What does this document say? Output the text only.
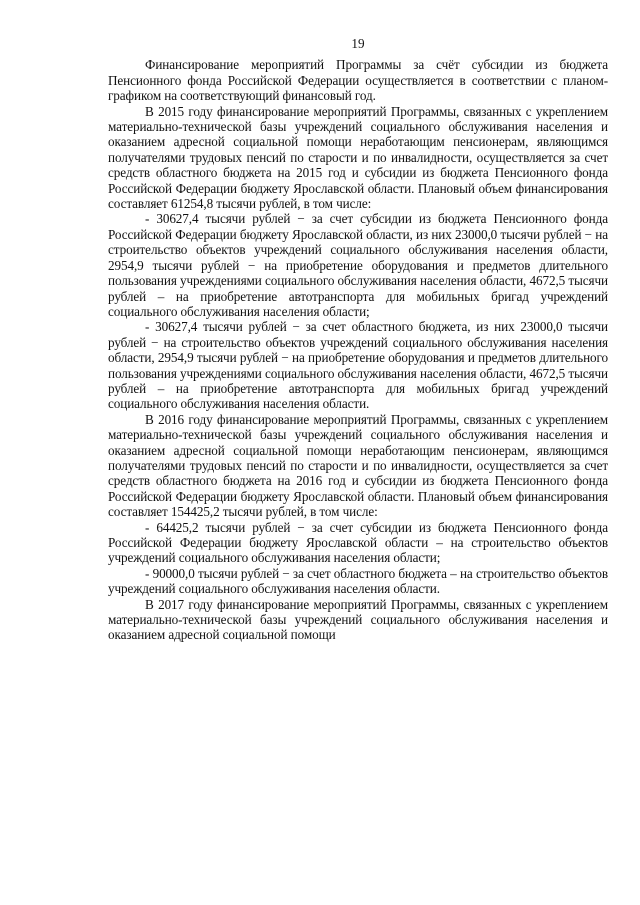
19

Финансирование мероприятий Программы за счёт субсидии из бюджета Пенсионного фонда Российской Федерации осуществляется в соответствии с планом-графиком на соответствующий финансовый год.

В 2015 году финансирование мероприятий Программы, связанных с укреплением материально-технической базы учреждений социального обслуживания населения и оказанием адресной социальной помощи неработающим пенсионерам, являющимся получателями трудовых пенсий по старости и по инвалидности, осуществляется за счет средств областного бюджета на 2015 год и субсидии из бюджета Пенсионного фонда Российской Федерации бюджету Ярославской области. Плановый объем финансирования составляет 61254,8 тысячи рублей, в том числе:

- 30627,4 тысячи рублей − за счет субсидии из бюджета Пенсионного фонда Российской Федерации бюджету Ярославской области, из них 23000,0 тысячи рублей − на строительство объектов учреждений социального обслуживания населения области, 2954,9 тысячи рублей − на приобретение оборудования и предметов длительного пользования учреждениями социального обслуживания населения области, 4672,5 тысячи рублей – на приобретение автотранспорта для мобильных бригад учреждений социального обслуживания населения области;

- 30627,4 тысячи рублей − за счет областного бюджета, из них 23000,0 тысячи рублей − на строительство объектов учреждений социального обслуживания населения области, 2954,9 тысячи рублей − на приобретение оборудования и предметов длительного пользования учреждениями социального обслуживания населения области, 4672,5 тысячи рублей – на приобретение автотранспорта для мобильных бригад учреждений социального обслуживания населения области.

В 2016 году финансирование мероприятий Программы, связанных с укреплением материально-технической базы учреждений социального обслуживания населения и оказанием адресной социальной помощи неработающим пенсионерам, являющимся получателями трудовых пенсий по старости и по инвалидности, осуществляется за счет средств областного бюджета на 2016 год и субсидии из бюджета Пенсионного фонда Российской Федерации бюджету Ярославской области. Плановый объем финансирования составляет 154425,2 тысячи рублей, в том числе:

- 64425,2 тысячи рублей − за счет субсидии из бюджета Пенсионного фонда Российской Федерации бюджету Ярославской области – на строительство объектов учреждений социального обслуживания населения области;

- 90000,0 тысячи рублей − за счет областного бюджета – на строительство объектов учреждений социального обслуживания населения области.

В 2017 году финансирование мероприятий Программы, связанных с укреплением материально-технической базы учреждений социального обслуживания населения и оказанием адресной социальной помощи
